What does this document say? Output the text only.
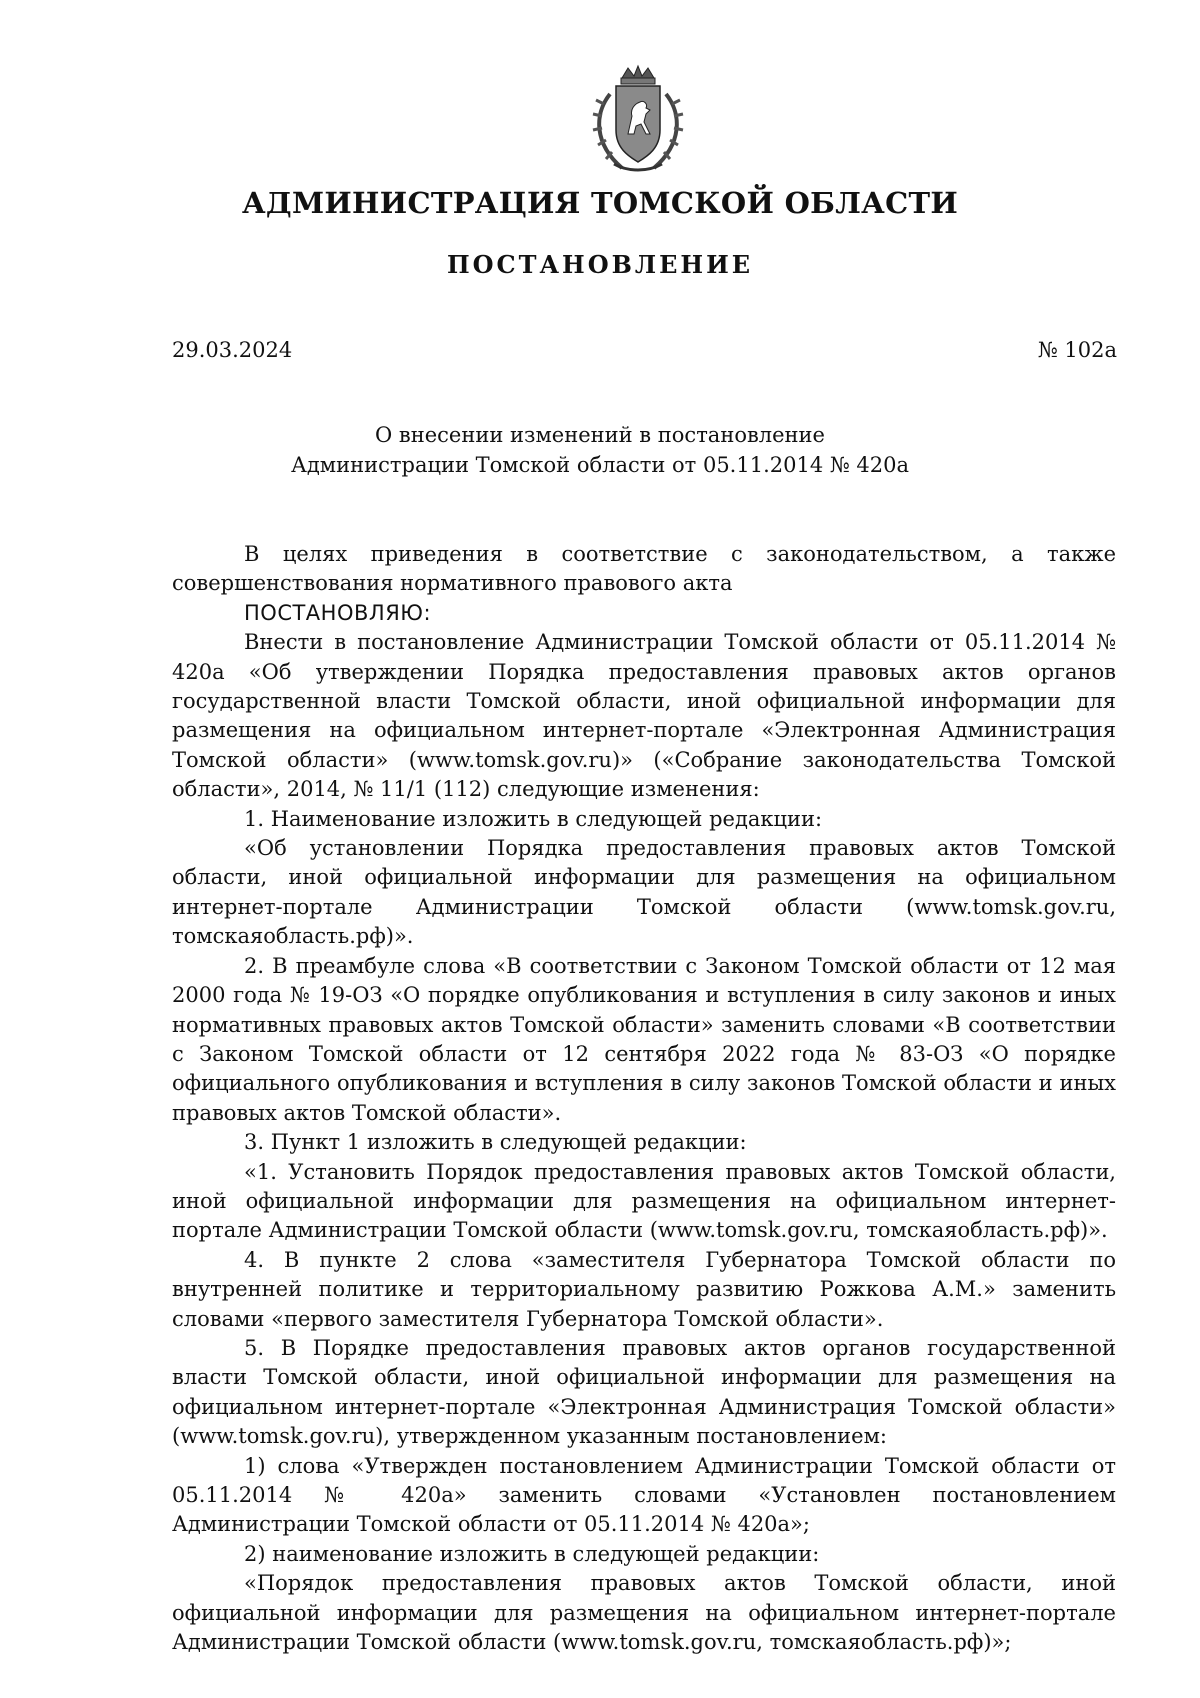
АДМИНИСТРАЦИЯ ТОМСКОЙ ОБЛАСТИ
ПОСТАНОВЛЕНИЕ
29.03.2024	№ 102а
О внесении изменений в постановление
Администрации Томской области от 05.11.2014 № 420а

В целях приведения в соответствие с законодательством, а также совершенствования нормативного правового акта

ПОСТАНОВЛЯЮ:

Внести в постановление Администрации Томской области от 05.11.2014 № 420а «Об утверждении Порядка предоставления правовых актов органов государственной власти Томской области, иной официальной информации для размещения на официальном интернет-портале «Электронная Администрация Томской области» (www.tomsk.gov.ru)» («Собрание законодательства Томской области», 2014, № 11/1 (112) следующие изменения:

1. Наименование изложить в следующей редакции:

«Об установлении Порядка предоставления правовых актов Томской области, иной официальной информации для размещения на официальном интернет-портале Администрации Томской области (www.tomsk.gov.ru, томскаяобласть.рф)».

2. В преамбуле слова «В соответствии с Законом Томской области от 12 мая 2000 года № 19-ОЗ «О порядке опубликования и вступления в силу законов и иных нормативных правовых актов Томской области» заменить словами «В соответствии с Законом Томской области от 12 сентября 2022 года № 83-ОЗ «О порядке официального опубликования и вступления в силу законов Томской области и иных правовых актов Томской области».

3. Пункт 1 изложить в следующей редакции:

«1. Установить Порядок предоставления правовых актов Томской области, иной официальной информации для размещения на официальном интернет-портале Администрации Томской области (www.tomsk.gov.ru, томскаяобласть.рф)».

4. В пункте 2 слова «заместителя Губернатора Томской области по внутренней политике и территориальному развитию Рожкова А.М.» заменить словами «первого заместителя Губернатора Томской области».

5. В Порядке предоставления правовых актов органов государственной власти Томской области, иной официальной информации для размещения на официальном интернет-портале «Электронная Администрация Томской области» (www.tomsk.gov.ru), утвержденном указанным постановлением:

1) слова «Утвержден постановлением Администрации Томской области от 05.11.2014 № 420а» заменить словами «Установлен постановлением Администрации Томской области от 05.11.2014 № 420а»;

2) наименование изложить в следующей редакции:

«Порядок предоставления правовых актов Томской области, иной официальной информации для размещения на официальном интернет-портале Администрации Томской области (www.tomsk.gov.ru, томскаяобласть.рф)»;
